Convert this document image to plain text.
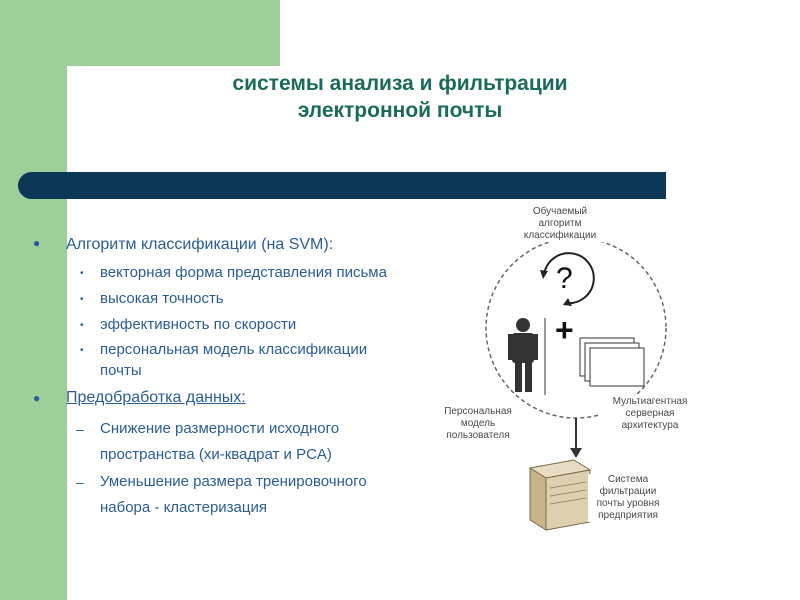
системы анализа и фильтрации
электронной почты
● Алгоритм классификации (на SVM):
• векторная форма представления письма
• высокая точность
• эффективность по скорости
• персональная модель классификации
почты
● Предобработка данных:
– Снижение размерности исходного
пространства (хи-квадрат и PCA)
– Уменьшение размера тренировочного
набора - кластеризация
Обучаемый
алгоритм
классификации
?
+
Персональная
модель
пользователя
Мультиагентная
серверная
архитектура
Система
фильтрации
почты уровня
предприятия
